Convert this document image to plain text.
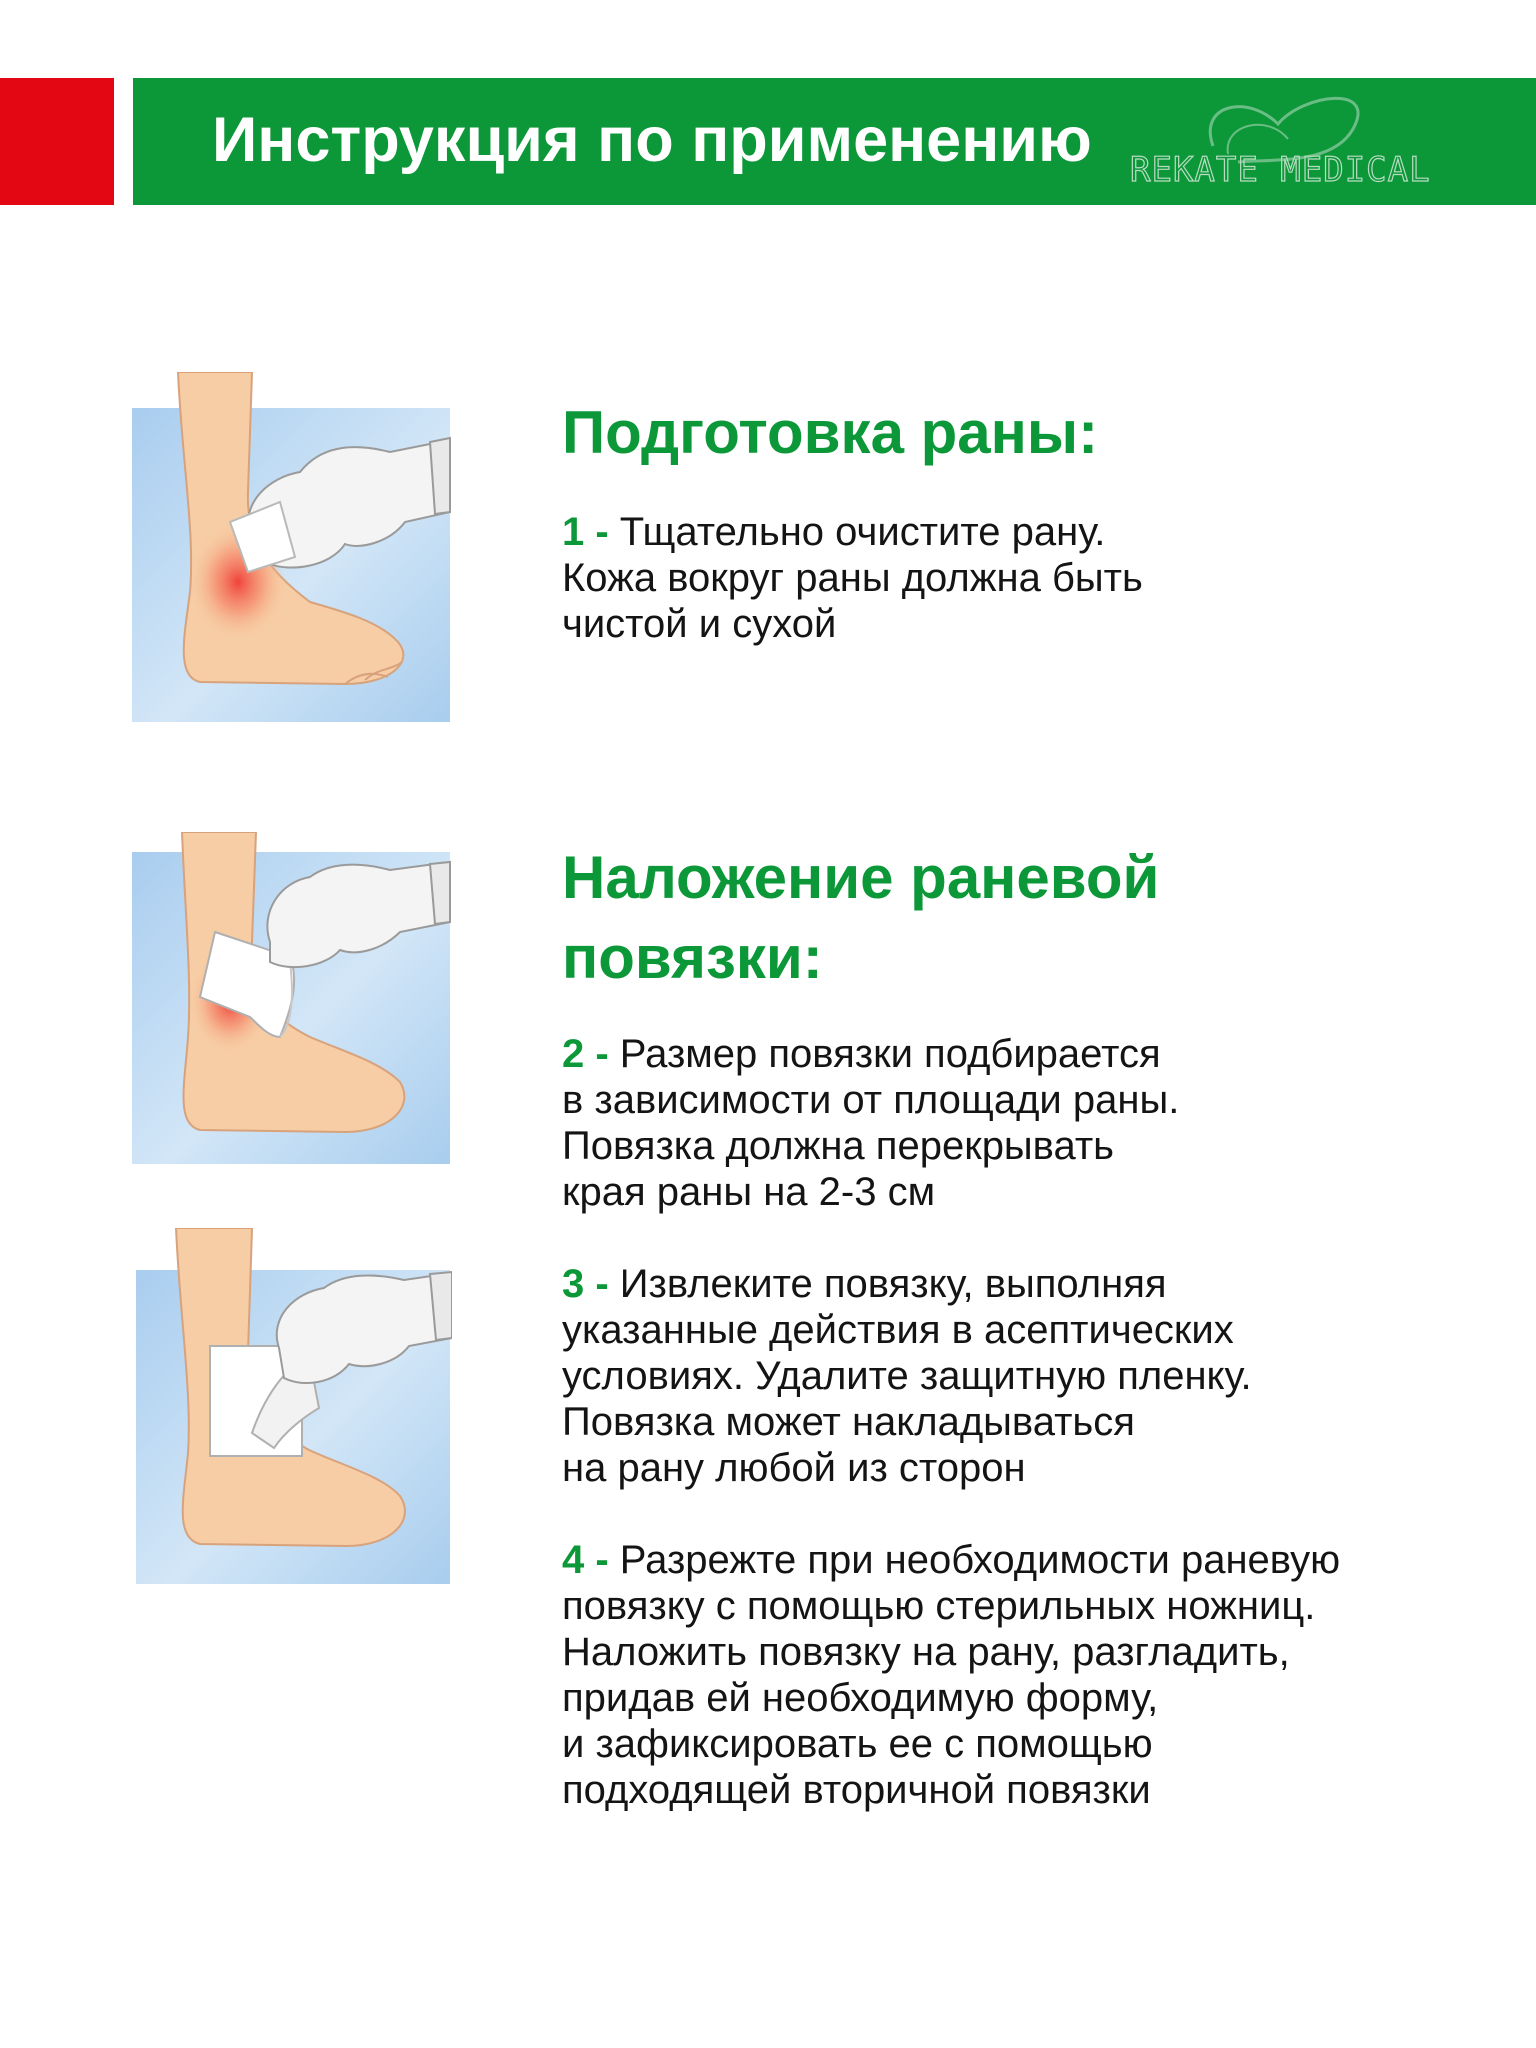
Инструкция по применению REKATE MEDICAL
Подготовка раны:

1 - Тщательно очистите рану.
Кожа вокруг раны должна быть
чистой и сухой

Наложение раневой
повязки:

2 - Размер повязки подбирается
в зависимости от площади раны.
Повязка должна перекрывать
края раны на 2-3 см

3 - Извлеките повязку, выполняя
указанные действия в асептических
условиях. Удалите защитную пленку.
Повязка может накладываться
на рану любой из сторон

4 - Разрежте при необходимости раневую
повязку с помощью стерильных ножниц.
Наложить повязку на рану, разгладить,
придав ей необходимую форму,
и зафиксировать ее с помощью
подходящей вторичной повязки
